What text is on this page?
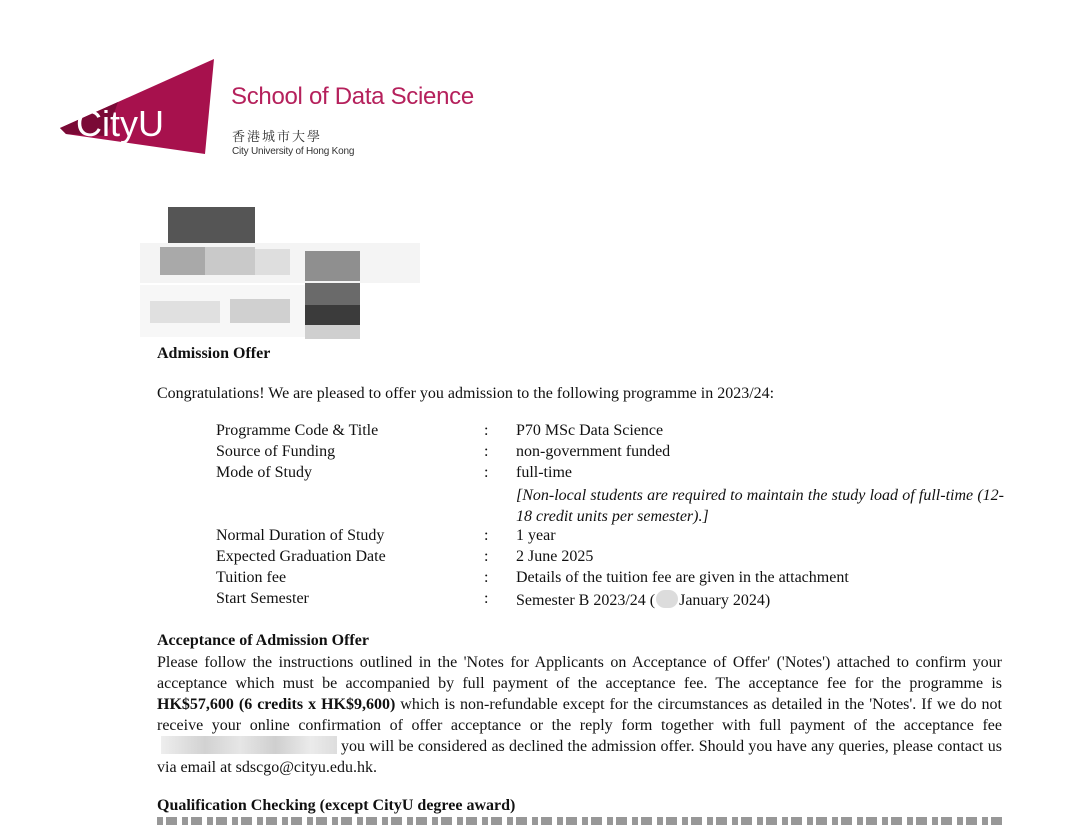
CityU
School of Data Science
香港城市大學
City University of Hong Kong
Admission Offer
Congratulations! We are pleased to offer you admission to the following programme in 2023/24:
Programme Code & Title	: P70 MSc Data Science
Source of Funding	: non-government funded
Mode of Study	: full-time
[Non-local students are required to maintain the study load of full-time (12-18 credit units per semester).]
Normal Duration of Study	: 1 year
Expected Graduation Date	: 2 June 2025
Tuition fee	: Details of the tuition fee are given in the attachment
Start Semester	: Semester B 2023/24 ( January 2024)
Acceptance of Admission Offer
Please follow the instructions outlined in the 'Notes for Applicants on Acceptance of Offer' ('Notes') attached to confirm your acceptance which must be accompanied by full payment of the acceptance fee. The acceptance fee for the programme is HK$57,600 (6 credits x HK$9,600) which is non-refundable except for the circumstances as detailed in the 'Notes'. If we do not receive your online confirmation of offer acceptance or the reply form together with full payment of the acceptance feeyou will be considered as declined the admission offer. Should you have any queries, please contact us via email at sdscgo@cityu.edu.hk.
Qualification Checking (except CityU degree award)
